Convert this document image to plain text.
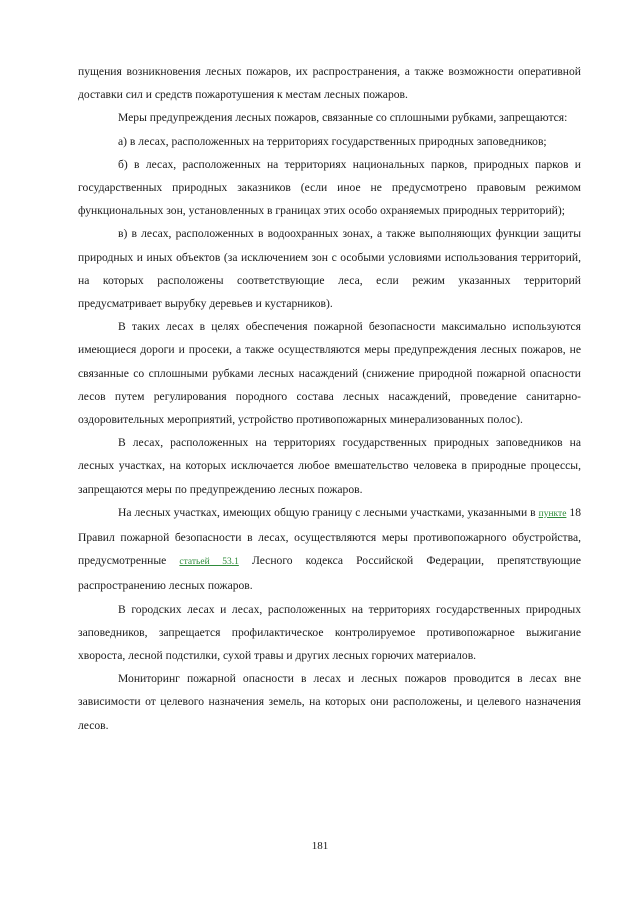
пущения возникновения лесных пожаров, их распространения, а также возможности оперативной доставки сил и средств пожаротушения к местам лесных пожаров.

Меры предупреждения лесных пожаров, связанные со сплошными рубками, запрещаются:

а) в лесах, расположенных на территориях государственных природных заповедников;

б) в лесах, расположенных на территориях национальных парков, природных парков и государственных природных заказников (если иное не предусмотрено правовым режимом функциональных зон, установленных в границах этих особо охраняемых природных территорий);

в) в лесах, расположенных в водоохранных зонах, а также выполняющих функции защиты природных и иных объектов (за исключением зон с особыми условиями использования территорий, на которых расположены соответствующие леса, если режим указанных территорий предусматривает вырубку деревьев и кустарников).

В таких лесах в целях обеспечения пожарной безопасности максимально используются имеющиеся дороги и просеки, а также осуществляются меры предупреждения лесных пожаров, не связанные со сплошными рубками лесных насаждений (снижение природной пожарной опасности лесов путем регулирования породного состава лесных насаждений, проведение санитарно-оздоровительных мероприятий, устройство противопожарных минерализованных полос).

В лесах, расположенных на территориях государственных природных заповедников на лесных участках, на которых исключается любое вмешательство человека в природные процессы, запрещаются меры по предупреждению лесных пожаров.

На лесных участках, имеющих общую границу с лесными участками, указанными в пункте 18 Правил пожарной безопасности в лесах, осуществляются меры противопожарного обустройства, предусмотренные статьей 53.1 Лесного кодекса Российской Федерации, препятствующие распространению лесных пожаров.

В городских лесах и лесах, расположенных на территориях государственных природных заповедников, запрещается профилактическое контролируемое противопожарное выжигание хвороста, лесной подстилки, сухой травы и других лесных горючих материалов.

Мониторинг пожарной опасности в лесах и лесных пожаров проводится в лесах вне зависимости от целевого назначения земель, на которых они расположены, и целевого назначения лесов.

181
